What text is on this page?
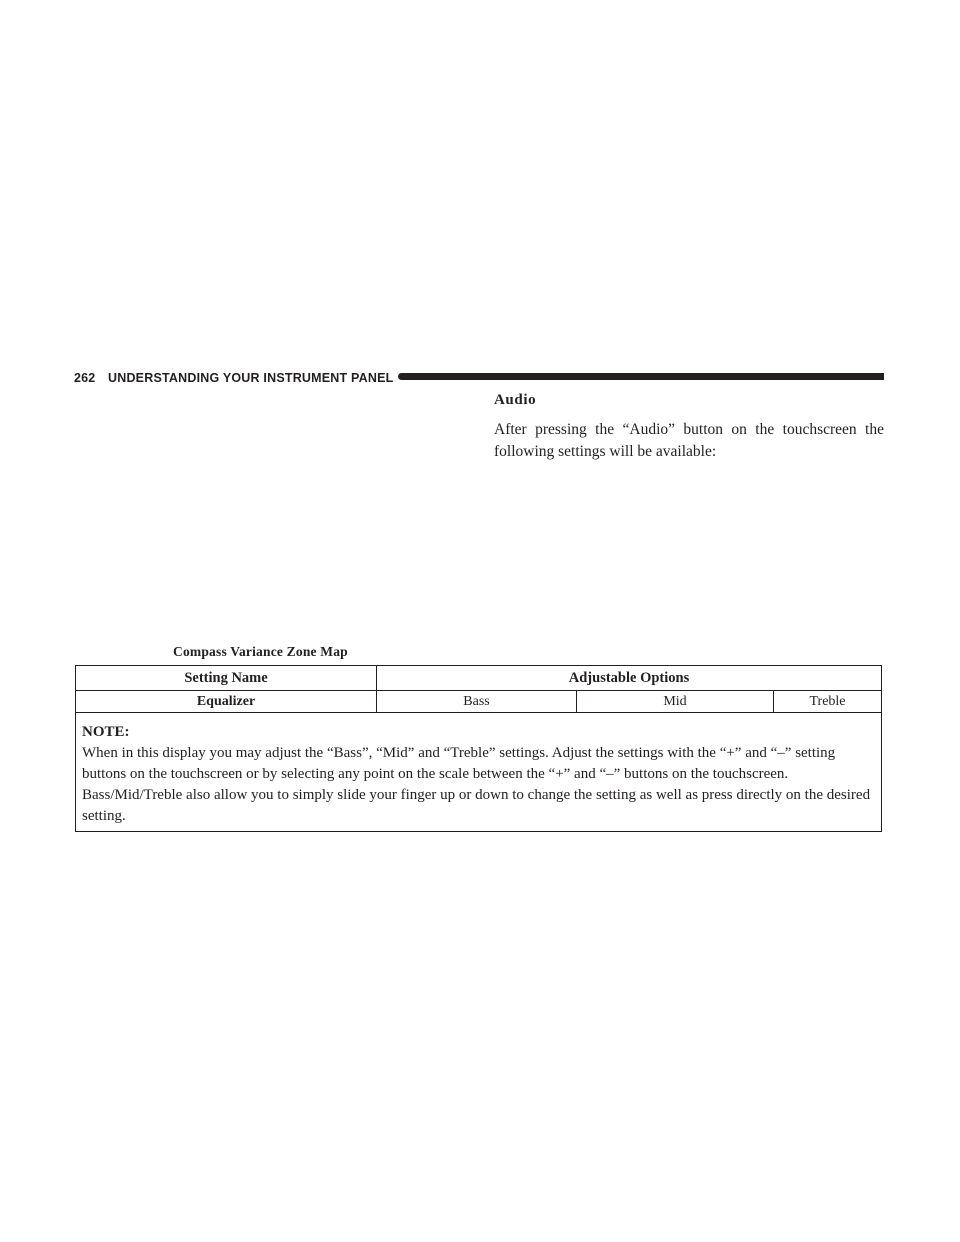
262 UNDERSTANDING YOUR INSTRUMENT PANEL
Audio
After pressing the “Audio” button on the touchscreen the following settings will be available:
Compass Variance Zone Map
Setting Name	Adjustable Options		
Equalizer	Bass	Mid	Treble

NOTE:
When in this display you may adjust the “Bass”, “Mid” and “Treble” settings. Adjust the settings with the “+” and “–” setting buttons on the touchscreen or by selecting any point on the scale between the “+” and “–” buttons on the touchscreen. Bass/Mid/Treble also allow you to simply slide your finger up or down to change the setting as well as press directly on the desired setting.			
